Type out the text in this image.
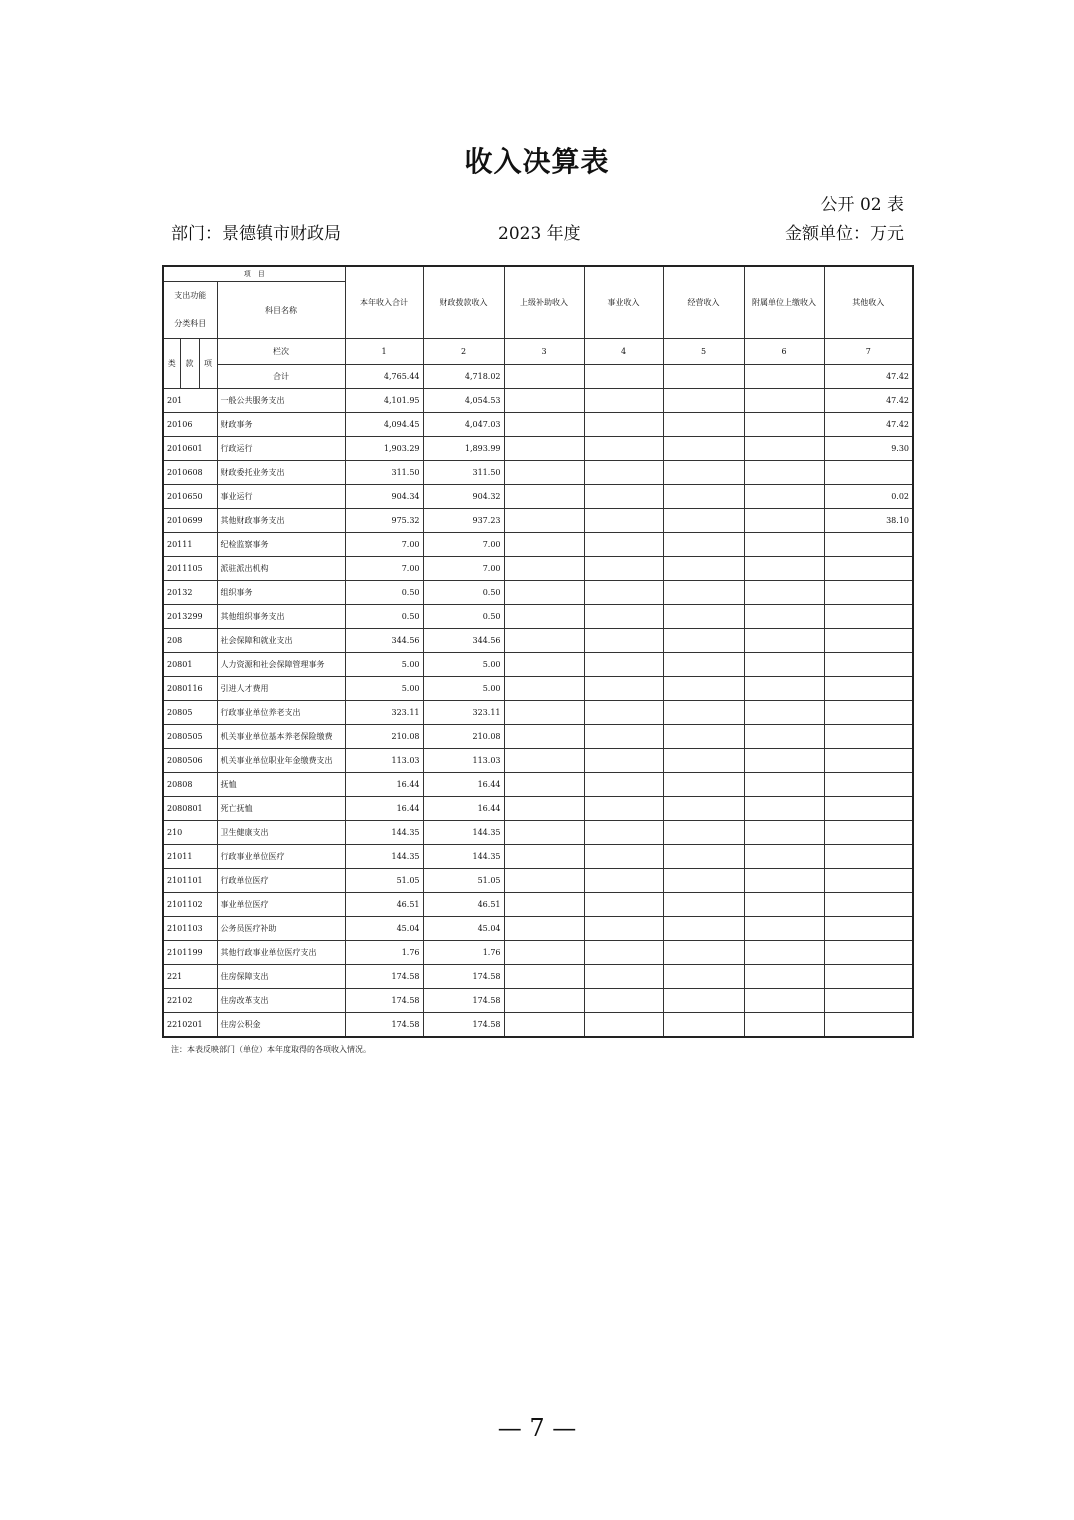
收入决算表
公开 02 表
部门：景德镇市财政局	2023 年度	金额单位：万元
项　目				本年收入合计	财政拨款收入	上级补助收入	事业收入	经营收入	附属单位上缴收入	其他收入

支出功能
分类科目			科目名称							
类	款	项	栏次	1	2	3	4	5	6	7
			合计	4,765.44	4,718.02					47.42
201			一般公共服务支出	4,101.95	4,054.53					47.42
20106			财政事务	4,094.45	4,047.03					47.42
2010601			行政运行	1,903.29	1,893.99					9.30
2010608			财政委托业务支出	311.50	311.50					
2010650			事业运行	904.34	904.32					0.02
2010699			其他财政事务支出	975.32	937.23					38.10
20111			纪检监察事务	7.00	7.00					
2011105			派驻派出机构	7.00	7.00					
20132			组织事务	0.50	0.50					
2013299			其他组织事务支出	0.50	0.50					
208			社会保障和就业支出	344.56	344.56					
20801			人力资源和社会保障管理事务	5.00	5.00					
2080116			引进人才费用	5.00	5.00					
20805			行政事业单位养老支出	323.11	323.11					
2080505			机关事业单位基本养老保险缴费	210.08	210.08					
2080506			机关事业单位职业年金缴费支出	113.03	113.03					
20808			抚恤	16.44	16.44					
2080801			死亡抚恤	16.44	16.44					
210			卫生健康支出	144.35	144.35					
21011			行政事业单位医疗	144.35	144.35					
2101101			行政单位医疗	51.05	51.05					
2101102			事业单位医疗	46.51	46.51					
2101103			公务员医疗补助	45.04	45.04					
2101199			其他行政事业单位医疗支出	1.76	1.76					
221			住房保障支出	174.58	174.58					
22102			住房改革支出	174.58	174.58					
2210201			住房公积金	174.58	174.58					
注：本表反映部门（单位）本年度取得的各项收入情况。
— 7 —
